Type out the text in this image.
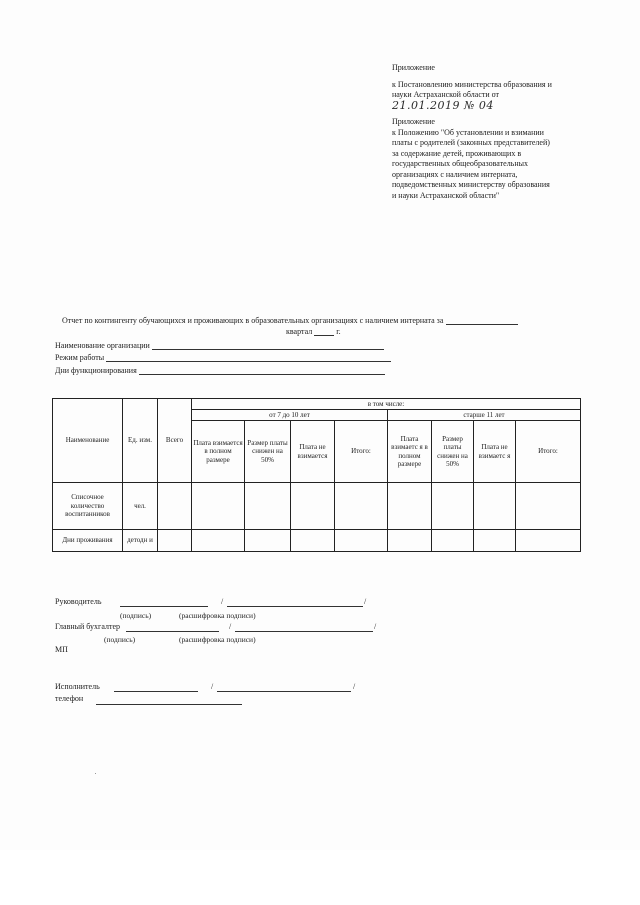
Приложение
к Постановлению министерства образования и
науки Астраханской области от
21.01.2019 № 04
Приложение
к Положению "Об установлении и взимании
платы с родителей (законных представителей)
за содержание детей, проживающих в
государственных общеобразовательных
организациях с наличием интерната,
подведомственных министерству образования
и науки Астраханской области"
Отчет по контингенту обучающихся и проживающих в образовательных организациях с наличием интерната за
квартал	г.
Наименование организации
Режим работы
Дни функционирования
Наименование	Ед. изм.	Всего	в том числе:							
			от 7 до 10 лет				старше 11 лет			
			Плата взимается в полном размере	Размер платы снижен на 50%	Плата не взимается	Итого:	Плата взимаетс я в полном размере	Размер платы снижен на 50%	Плата не взимаетс я	Итого:
Списочное количество воспитанников	чел.									
Дни проживания	детодн и									
Руководитель	/	/
(подпись)	(расшифровка подписи)
Главный бухгалтер	/	/
(подпись)	(расшифровка подписи)
МП
Исполнитель	/	/
телефон
